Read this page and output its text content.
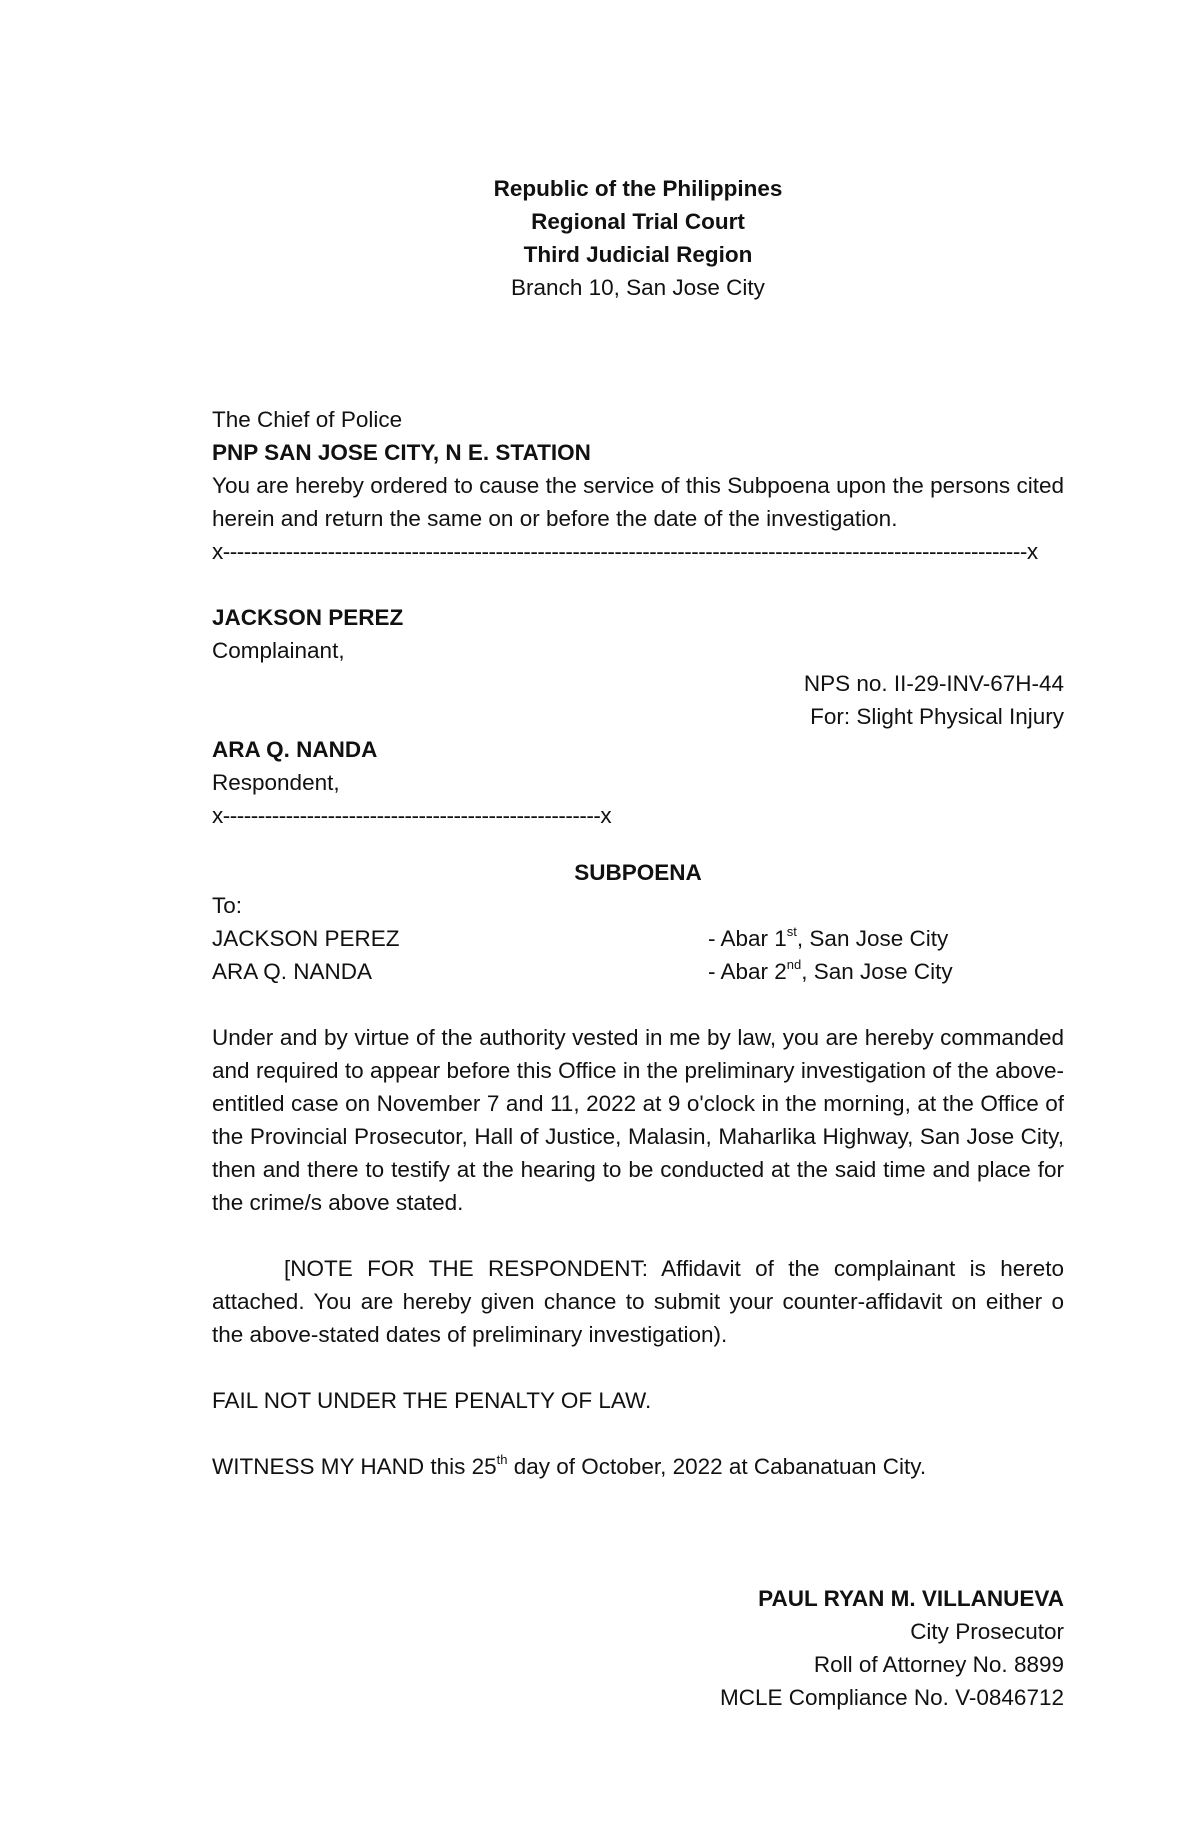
Republic of the Philippines
Regional Trial Court
Third Judicial Region
Branch 10, San Jose City
The Chief of Police
PNP SAN JOSE CITY, N E. STATION
You are hereby ordered to cause the service of this Subpoena upon the persons cited herein and return the same on or before the date of the investigation.
x-------------------------------------------------------------------------------------------------------------------x
JACKSON PEREZ
Complainant,
NPS no. II-29-INV-67H-44
For: Slight Physical Injury
ARA Q. NANDA
Respondent,
x------------------------------------------------------x
SUBPOENA
To:
JACKSON PEREZ	- Abar 1st, San Jose City
ARA Q. NANDA	- Abar 2nd, San Jose City
Under and by virtue of the authority vested in me by law, you are hereby commanded and required to appear before this Office in the preliminary investigation of the above-entitled case on November 7 and 11, 2022 at 9 o'clock in the morning, at the Office of the Provincial Prosecutor, Hall of Justice, Malasin, Maharlika Highway, San Jose City, then and there to testify at the hearing to be conducted at the said time and place for the crime/s above stated.
[NOTE FOR THE RESPONDENT: Affidavit of the complainant is hereto attached. You are hereby given chance to submit your counter-affidavit on either o the above-stated dates of preliminary investigation).
FAIL NOT UNDER THE PENALTY OF LAW.
WITNESS MY HAND this 25th day of October, 2022 at Cabanatuan City.
PAUL RYAN M. VILLANUEVA
City Prosecutor
Roll of Attorney No. 8899
MCLE Compliance No. V-0846712
